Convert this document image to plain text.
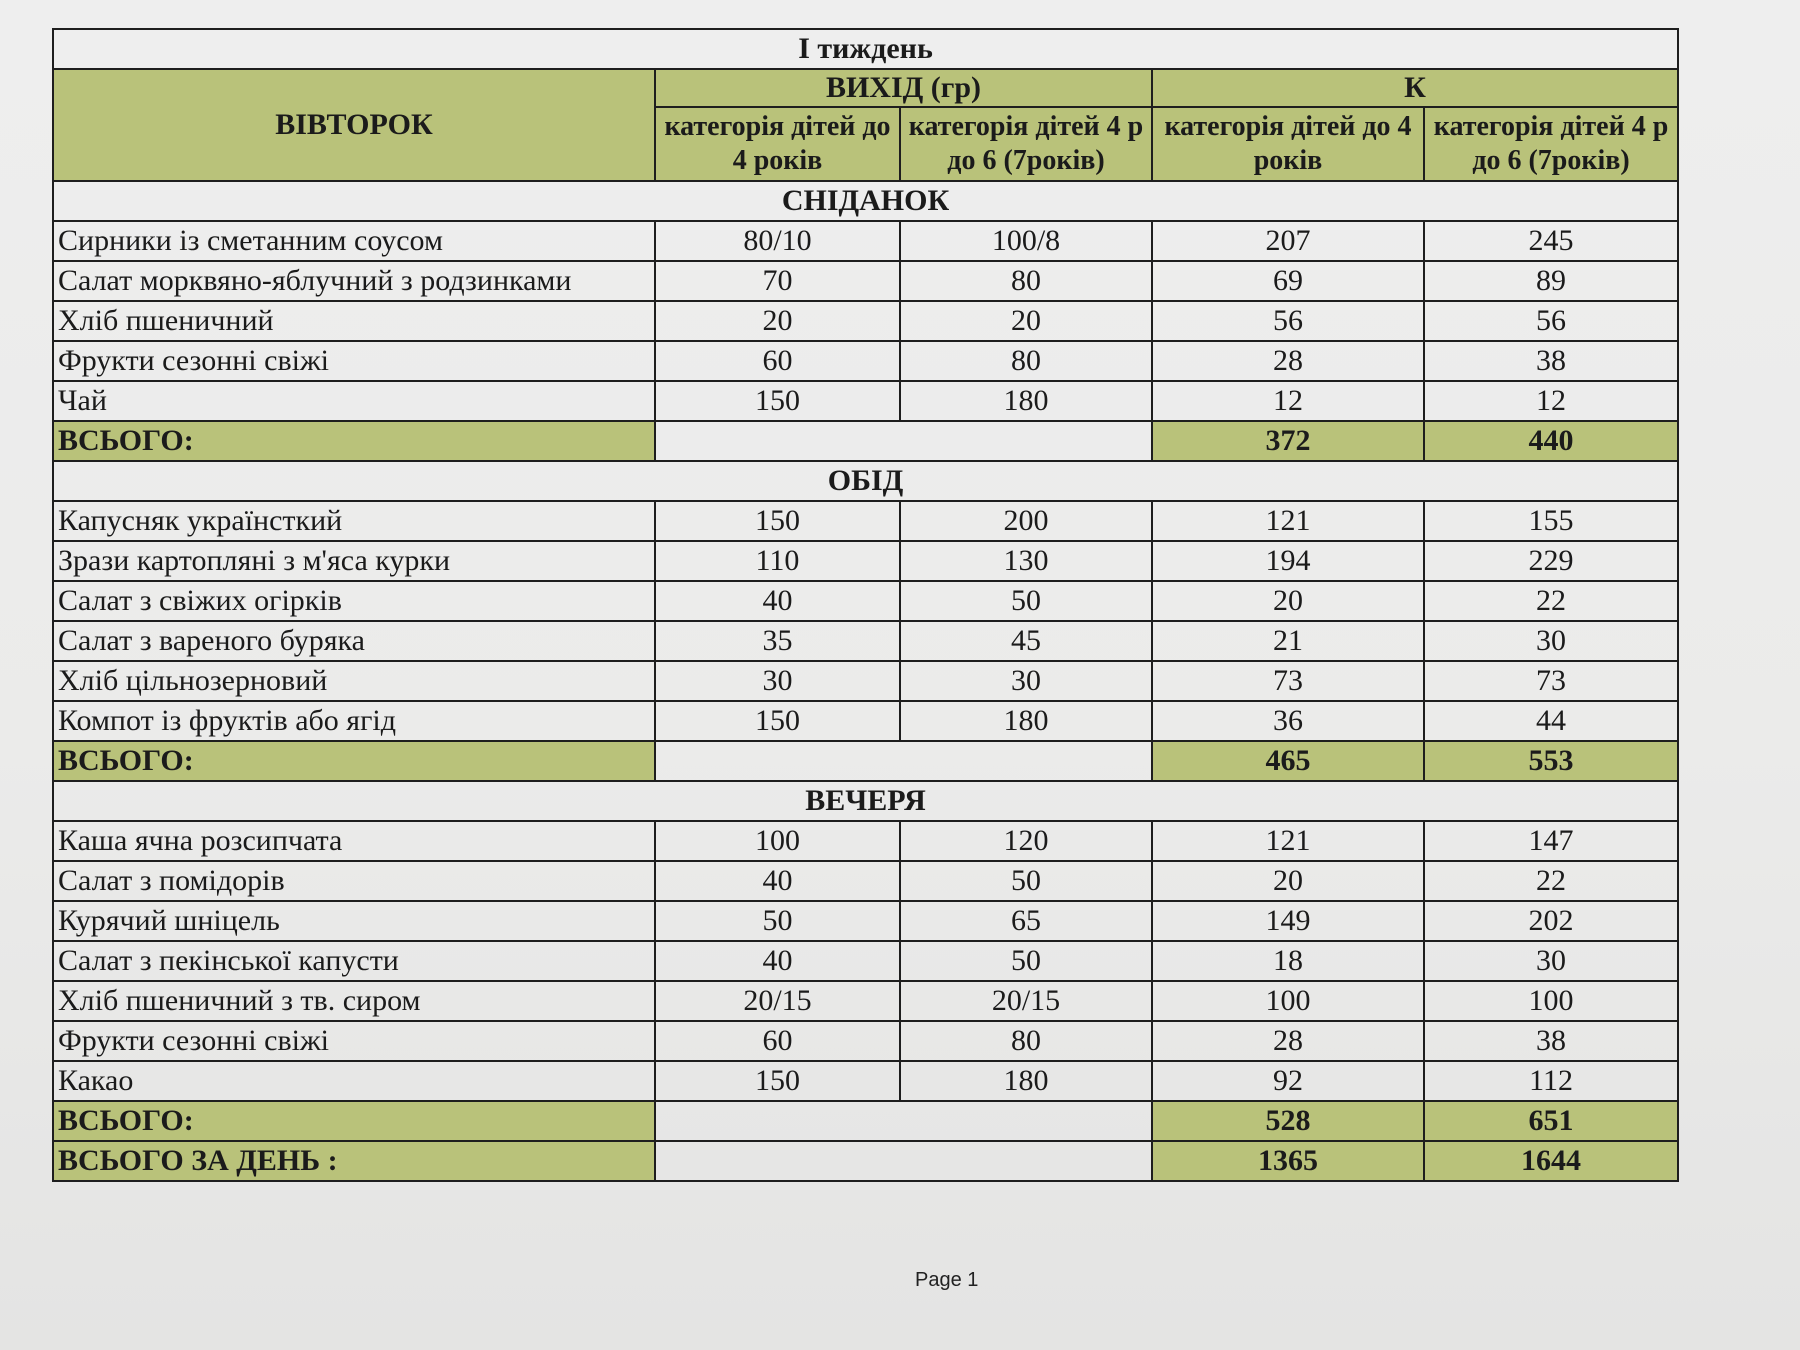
І тиждень				
ВІВТОРОК	ВИХІД (гр)		К	
	категорія дітей до 4 років	категорія дітей 4 р до 6 (7років)	категорія дітей до 4 років	категорія дітей 4 р до 6 (7років)
СНІДАНОК				
Сирники із сметанним соусом	80/10	100/8	207	245
Салат морквяно-яблучний з родзинками	70	80	69	89
Хліб пшеничний	20	20	56	56
Фрукти сезонні свіжі	60	80	28	38
Чай	150	180	12	12
ВСЬОГО:			372	440
ОБІД				
Капусняк українсткий	150	200	121	155
Зрази картопляні з м'яса курки	110	130	194	229
Салат з свіжих огірків	40	50	20	22
Салат з вареного буряка	35	45	21	30
Хліб цільнозерновий	30	30	73	73
Компот із фруктів або ягід	150	180	36	44
ВСЬОГО:			465	553
ВЕЧЕРЯ				
Каша ячна розсипчата	100	120	121	147
Салат з помідорів	40	50	20	22
Курячий шніцель	50	65	149	202
Салат з пекінської капусти	40	50	18	30
Хліб пшеничний з тв. сиром	20/15	20/15	100	100
Фрукти сезонні свіжі	60	80	28	38
Какао	150	180	92	112
ВСЬОГО:			528	651
ВСЬОГО ЗА ДЕНЬ :			1365	1644
Page 1
